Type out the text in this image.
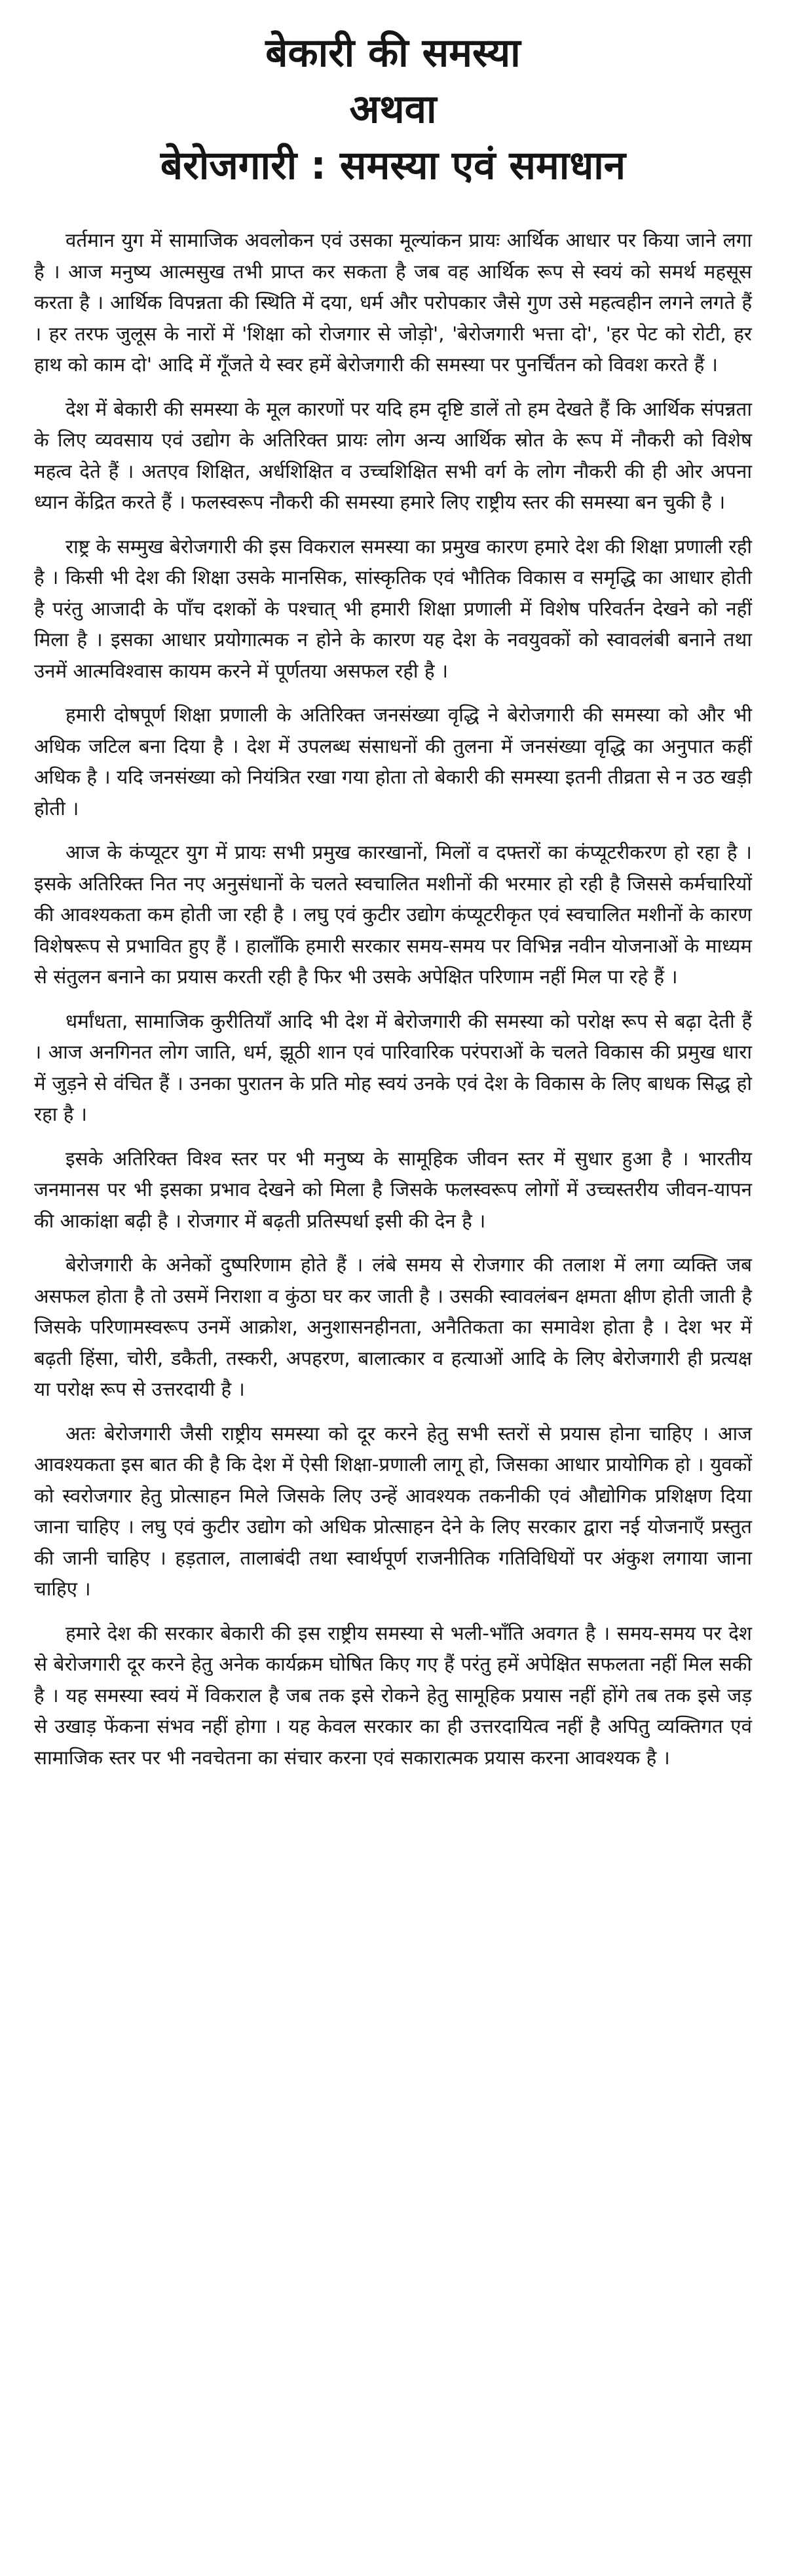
बेकारी की समस्या
अथवा
बेरोजगारी : समस्या एवं समाधान

वर्तमान युग में सामाजिक अवलोकन एवं उसका मूल्यांकन प्रायः आर्थिक आधार पर किया जाने लगा है । आज मनुष्य आत्मसुख तभी प्राप्त कर सकता है जब वह आर्थिक रूप से स्वयं को समर्थ महसूस करता है । आर्थिक विपन्नता की स्थिति में दया, धर्म और परोपकार जैसे गुण उसे महत्वहीन लगने लगते हैं । हर तरफ जुलूस के नारों में 'शिक्षा को रोजगार से जोड़ो', 'बेरोजगारी भत्ता दो', 'हर पेट को रोटी, हर हाथ को काम दो' आदि में गूँजते ये स्वर हमें बेरोजगारी की समस्या पर पुनर्चिंतन को विवश करते हैं ।

देश में बेकारी की समस्या के मूल कारणों पर यदि हम दृष्टि डालें तो हम देखते हैं कि आर्थिक संपन्नता के लिए व्यवसाय एवं उद्योग के अतिरिक्त प्रायः लोग अन्य आर्थिक स्रोत के रूप में नौकरी को विशेष महत्व देते हैं । अतएव शिक्षित, अर्धशिक्षित व उच्चशिक्षित सभी वर्ग के लोग नौकरी की ही ओर अपना ध्यान केंद्रित करते हैं । फलस्वरूप नौकरी की समस्या हमारे लिए राष्ट्रीय स्तर की समस्या बन चुकी है ।

राष्ट्र के सम्मुख बेरोजगारी की इस विकराल समस्या का प्रमुख कारण हमारे देश की शिक्षा प्रणाली रही है । किसी भी देश की शिक्षा उसके मानसिक, सांस्कृतिक एवं भौतिक विकास व समृद्धि का आधार होती है परंतु आजादी के पाँच दशकों के पश्चात् भी हमारी शिक्षा प्रणाली में विशेष परिवर्तन देखने को नहीं मिला है । इसका आधार प्रयोगात्मक न होने के कारण यह देश के नवयुवकों को स्वावलंबी बनाने तथा उनमें आत्मविश्वास कायम करने में पूर्णतया असफल रही है ।

हमारी दोषपूर्ण शिक्षा प्रणाली के अतिरिक्त जनसंख्या वृद्धि ने बेरोजगारी की समस्या को और भी अधिक जटिल बना दिया है । देश में उपलब्ध संसाधनों की तुलना में जनसंख्या वृद्धि का अनुपात कहीं अधिक है । यदि जनसंख्या को नियंत्रित रखा गया होता तो बेकारी की समस्या इतनी तीव्रता से न उठ खड़ी होती ।

आज के कंप्यूटर युग में प्रायः सभी प्रमुख कारखानों, मिलों व दफ्तरों का कंप्यूटरीकरण हो रहा है । इसके अतिरिक्त नित नए अनुसंधानों के चलते स्वचालित मशीनों की भरमार हो रही है जिससे कर्मचारियों की आवश्यकता कम होती जा रही है । लघु एवं कुटीर उद्योग कंप्यूटरीकृत एवं स्वचालित मशीनों के कारण विशेषरूप से प्रभावित हुए हैं । हालाँकि हमारी सरकार समय-समय पर विभिन्न नवीन योजनाओं के माध्यम से संतुलन बनाने का प्रयास करती रही है फिर भी उसके अपेक्षित परिणाम नहीं मिल पा रहे हैं ।

धर्मांधता, सामाजिक कुरीतियाँ आदि भी देश में बेरोजगारी की समस्या को परोक्ष रूप से बढ़ा देती हैं । आज अनगिनत लोग जाति, धर्म, झूठी शान एवं पारिवारिक परंपराओं के चलते विकास की प्रमुख धारा में जुड़ने से वंचित हैं । उनका पुरातन के प्रति मोह स्वयं उनके एवं देश के विकास के लिए बाधक सिद्ध हो रहा है ।

इसके अतिरिक्त विश्व स्तर पर भी मनुष्य के सामूहिक जीवन स्तर में सुधार हुआ है । भारतीय जनमानस पर भी इसका प्रभाव देखने को मिला है जिसके फलस्वरूप लोगों में उच्चस्तरीय जीवन-यापन की आकांक्षा बढ़ी है । रोजगार में बढ़ती प्रतिस्पर्धा इसी की देन है ।

बेरोजगारी के अनेकों दुष्परिणाम होते हैं । लंबे समय से रोजगार की तलाश में लगा व्यक्ति जब असफल होता है तो उसमें निराशा व कुंठा घर कर जाती है । उसकी स्वावलंबन क्षमता क्षीण होती जाती है जिसके परिणामस्वरूप उनमें आक्रोश, अनुशासनहीनता, अनैतिकता का समावेश होता है । देश भर में बढ़ती हिंसा, चोरी, डकैती, तस्करी, अपहरण, बालात्कार व हत्याओं आदि के लिए बेरोजगारी ही प्रत्यक्ष या परोक्ष रूप से उत्तरदायी है ।

अतः बेरोजगारी जैसी राष्ट्रीय समस्या को दूर करने हेतु सभी स्तरों से प्रयास होना चाहिए । आज आवश्यकता इस बात की है कि देश में ऐसी शिक्षा-प्रणाली लागू हो, जिसका आधार प्रायोगिक हो । युवकों को स्वरोजगार हेतु प्रोत्साहन मिले जिसके लिए उन्हें आवश्यक तकनीकी एवं औद्योगिक प्रशिक्षण दिया जाना चाहिए । लघु एवं कुटीर उद्योग को अधिक प्रोत्साहन देने के लिए सरकार द्वारा नई योजनाएँ प्रस्तुत की जानी चाहिए । हड़ताल, तालाबंदी तथा स्वार्थपूर्ण राजनीतिक गतिविधियों पर अंकुश लगाया जाना चाहिए ।

हमारे देश की सरकार बेकारी की इस राष्ट्रीय समस्या से भली-भाँति अवगत है । समय-समय पर देश से बेरोजगारी दूर करने हेतु अनेक कार्यक्रम घोषित किए गए हैं परंतु हमें अपेक्षित सफलता नहीं मिल सकी है । यह समस्या स्वयं में विकराल है जब तक इसे रोकने हेतु सामूहिक प्रयास नहीं होंगे तब तक इसे जड़ से उखाड़ फेंकना संभव नहीं होगा । यह केवल सरकार का ही उत्तरदायित्व नहीं है अपितु व्यक्तिगत एवं सामाजिक स्तर पर भी नवचेतना का संचार करना एवं सकारात्मक प्रयास करना आवश्यक है ।
